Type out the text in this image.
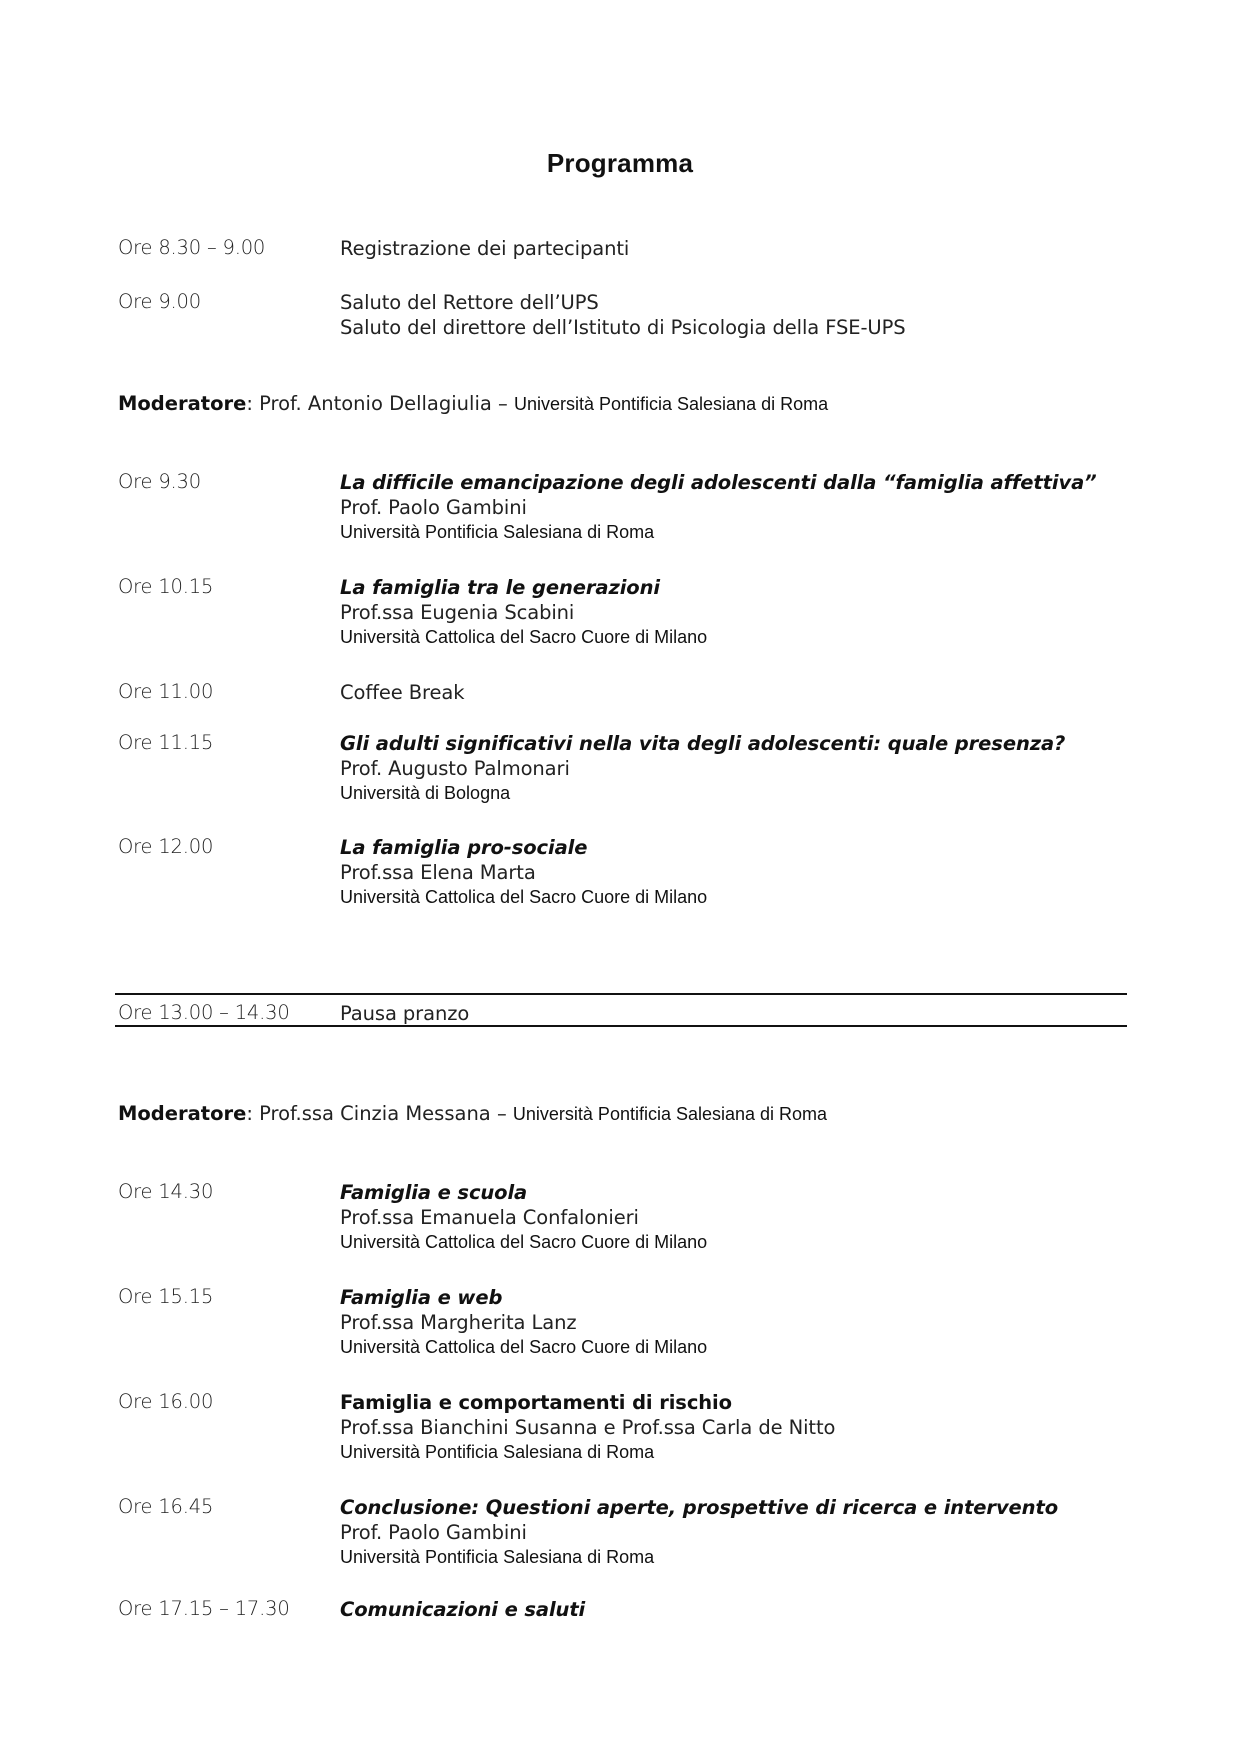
Programma
Ore 8.30 – 9.00	Registrazione dei partecipanti
Ore 9.00	Saluto del Rettore dell’UPS
Saluto del direttore dell’Istituto di Psicologia della FSE-UPS
Moderatore: Prof. Antonio Dellagiulia – Università Pontificia Salesiana di Roma
Ore 9.30	La difficile emancipazione degli adolescenti dalla “famiglia affettiva”
Prof. Paolo Gambini
Università Pontificia Salesiana di Roma
Ore 10.15	La famiglia tra le generazioni
Prof.ssa Eugenia Scabini
Università Cattolica del Sacro Cuore di Milano
Ore 11.00	Coffee Break
Ore 11.15	Gli adulti significativi nella vita degli adolescenti: quale presenza?
Prof. Augusto Palmonari
Università di Bologna
Ore 12.00	La famiglia pro-sociale
Prof.ssa Elena Marta
Università Cattolica del Sacro Cuore di Milano
Ore 13.00 – 14.30	Pausa pranzo
Moderatore: Prof.ssa Cinzia Messana – Università Pontificia Salesiana di Roma
Ore 14.30	Famiglia e scuola
Prof.ssa Emanuela Confalonieri
Università Cattolica del Sacro Cuore di Milano
Ore 15.15	Famiglia e web
Prof.ssa Margherita Lanz
Università Cattolica del Sacro Cuore di Milano
Ore 16.00	Famiglia e comportamenti di rischio
Prof.ssa Bianchini Susanna e Prof.ssa Carla de Nitto
Università Pontificia Salesiana di Roma
Ore 16.45	Conclusione: Questioni aperte, prospettive di ricerca e intervento
Prof. Paolo Gambini
Università Pontificia Salesiana di Roma
Ore 17.15 – 17.30	Comunicazioni e saluti
